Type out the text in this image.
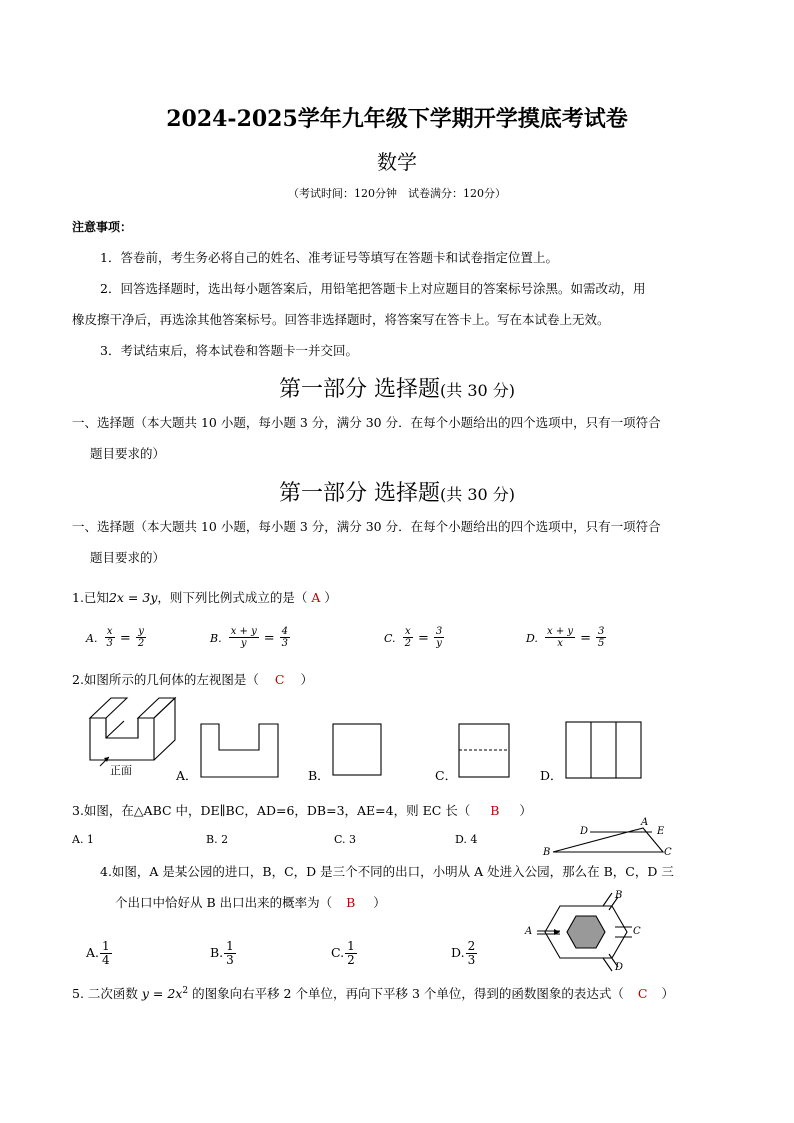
2024-2025学年九年级下学期开学摸底考试卷
数学
（考试时间：120分钟　试卷满分：120分）
注意事项：
1．答卷前，考生务必将自己的姓名、准考证号等填写在答题卡和试卷指定位置上。
2．回答选择题时，选出每小题答案后，用铅笔把答题卡上对应题目的答案标号涂黑。如需改动，用
橡皮擦干净后，再选涂其他答案标号。回答非选择题时，将答案写在答卡上。写在本试卷上无效。
3．考试结束后，将本试卷和答题卡一并交回。
第一部分 选择题(共 30 分)
一、选择题（本大题共 10 小题，每小题 3 分，满分 30 分．在每个小题给出的四个选项中，只有一项符合
题目要求的）
第一部分 选择题(共 30 分)
一、选择题（本大题共 10 小题，每小题 3 分，满分 30 分．在每个小题给出的四个选项中，只有一项符合
题目要求的）
1.已知2x = 3y，则下列比例式成立的是（ A ）
A. $\frac{x}{3} = \frac{y}{2}$	B. $\frac{x + y}{y} = \frac{4}{3}$	C. $\frac{x}{2} = \frac{3}{y}$	D. $\frac{x + y}{x} = \frac{3}{5}$
2.如图所示的几何体的左视图是（ C ）
正面	A．	B．	C．	D．
3.如图，在△ABC 中，DE∥BC，AD=6，DB=3，AE=4，则 EC 长（ B ）
A. 1	B. 2	C. 3	D. 4
A
B	C
D	E
4.如图，A 是某公园的进口，B，C，D 是三个不同的出口，小明从 A 处进入公园，那么在 B，C，D 三
个出口中恰好从 B 出口出来的概率为（ B ）
A
B
C
D
A. $\frac{1}{4}$	B. $\frac{1}{3}$	C. $\frac{1}{2}$	D. $\frac{2}{3}$
5. 二次函数 $y = 2x^2$ 的图象向右平移 2 个单位，再向下平移 3 个单位，得到的函数图象的表达式（ C ）
